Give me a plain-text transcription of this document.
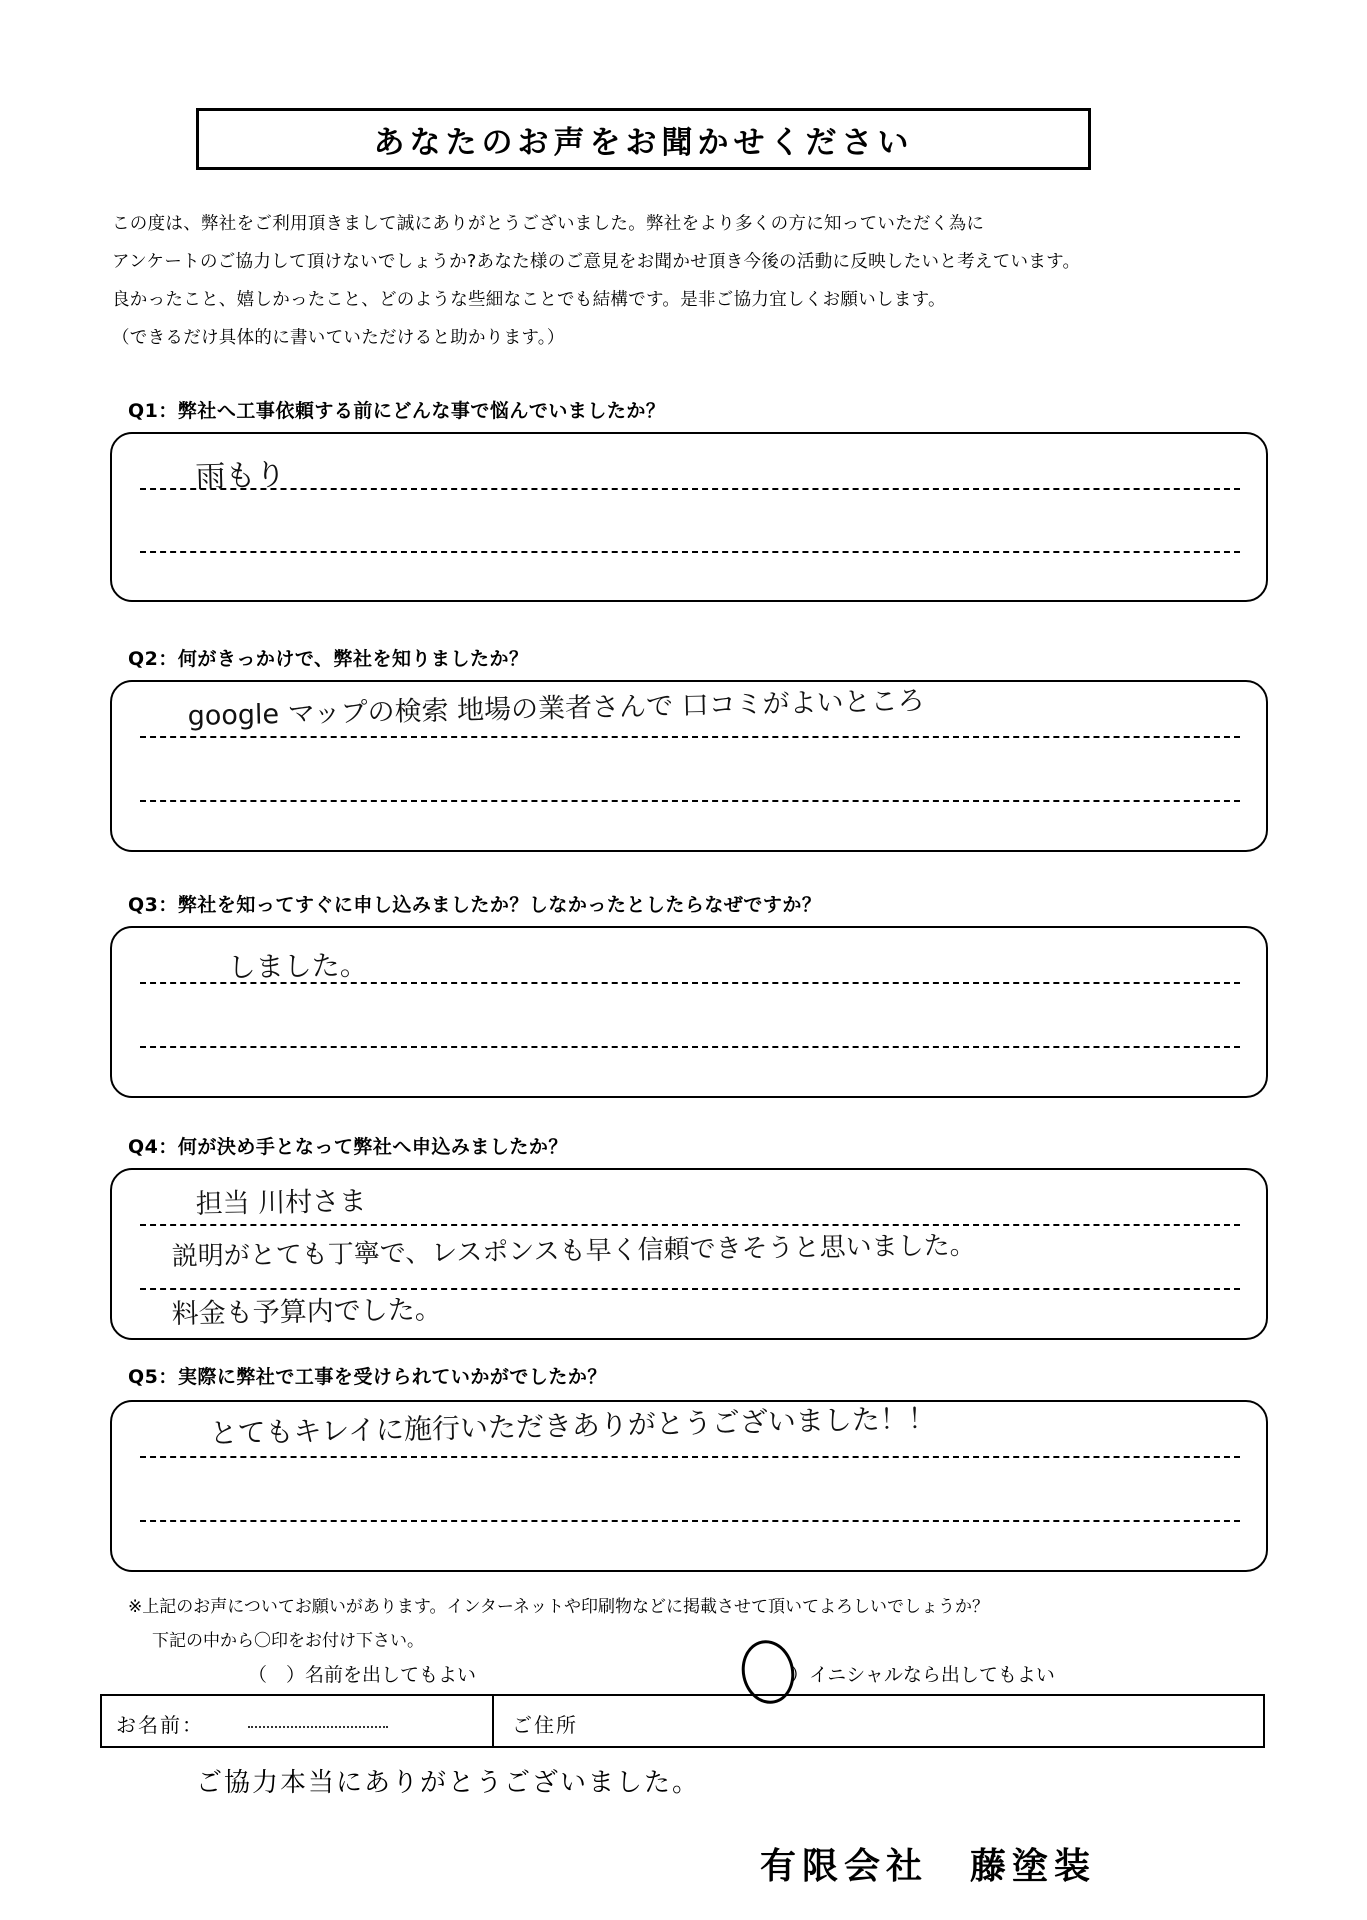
あなたのお声をお聞かせください
この度は、弊社をご利用頂きまして誠にありがとうございました。弊社をより多くの方に知っていただく為に
アンケートのご協力して頂けないでしょうか?あなた様のご意見をお聞かせ頂き今後の活動に反映したいと考えています。
良かったこと、嬉しかったこと、どのような些細なことでも結構です。是非ご協力宜しくお願いします。
（できるだけ具体的に書いていただけると助かります。）
Q1：弊社へ工事依頼する前にどんな事で悩んでいましたか？
雨もり
Q2：何がきっかけで、弊社を知りましたか？
google マップの検索 地場の業者さんで 口コミがよいところ
Q3：弊社を知ってすぐに申し込みましたか？しなかったとしたらなぜですか？
しました。
Q4：何が決め手となって弊社へ申込みましたか？
担当 川村さま
説明がとても丁寧で、レスポンスも早く信頼できそうと思いました。
料金も予算内でした。
Q5：実際に弊社で工事を受けられていかがでしたか？
とてもキレイに施行いただきありがとうございました！！
※上記のお声についてお願いがあります。インターネットや印刷物などに掲載させて頂いてよろしいでしょうか？
下記の中から〇印をお付け下さい。
（　）名前を出してもよい	）イニシャルなら出してもよい
お名前：	ご住所
ご協力本当にありがとうございました。
有限会社　藤塗装
